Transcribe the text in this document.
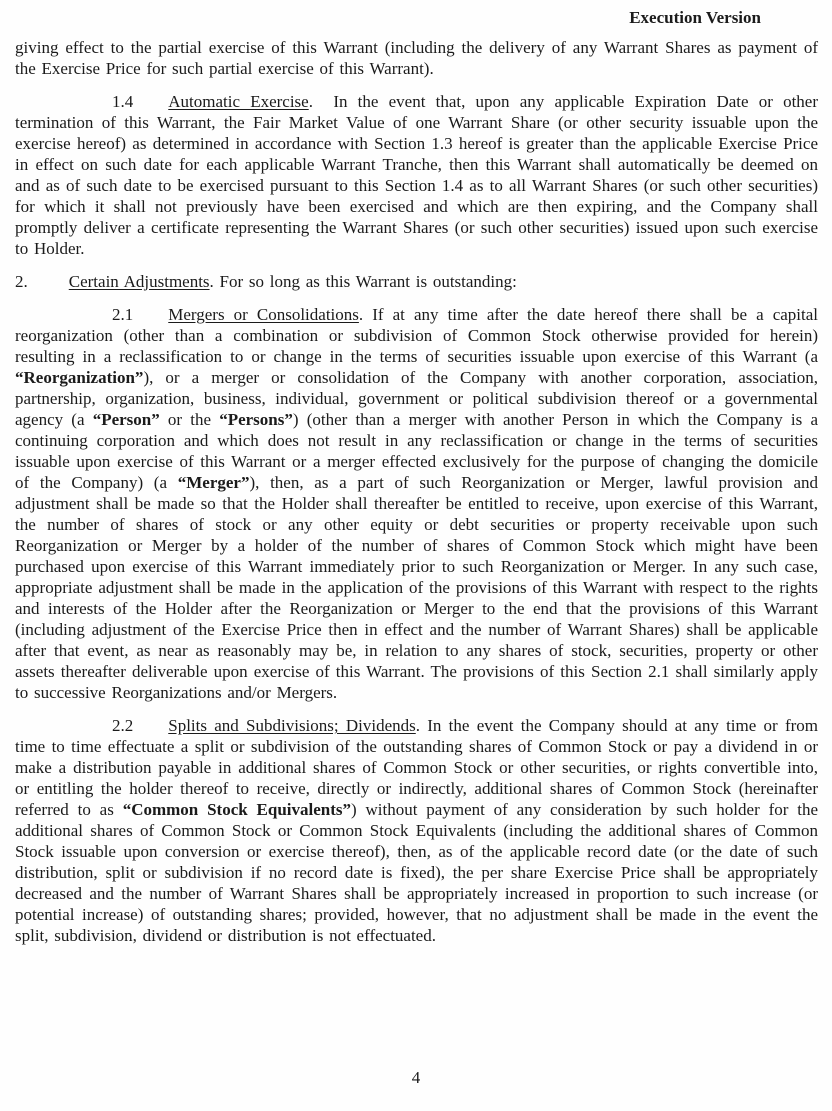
Execution Version

giving effect to the partial exercise of this Warrant (including the delivery of any Warrant Shares as payment of the Exercise Price for such partial exercise of this Warrant).

1.4 Automatic Exercise.  In the event that, upon any applicable Expiration Date or other termination of this Warrant, the Fair Market Value of one Warrant Share (or other security issuable upon the exercise hereof) as determined in accordance with Section 1.3 hereof is greater than the applicable Exercise Price in effect on such date for each applicable Warrant Tranche, then this Warrant shall automatically be deemed on and as of such date to be exercised pursuant to this Section 1.4 as to all Warrant Shares (or such other securities) for which it shall not previously have been exercised and which are then expiring, and the Company shall promptly deliver a certificate representing the Warrant Shares (or such other securities) issued upon such exercise to Holder.

2. Certain Adjustments. For so long as this Warrant is outstanding:

2.1 Mergers or Consolidations. If at any time after the date hereof there shall be a capital reorganization (other than a combination or subdivision of Common Stock otherwise provided for herein) resulting in a reclassification to or change in the terms of securities issuable upon exercise of this Warrant (a “Reorganization”), or a merger or consolidation of the Company with another corporation, association, partnership, organization, business, individual, government or political subdivision thereof or a governmental agency (a “Person” or the “Persons”) (other than a merger with another Person in which the Company is a continuing corporation and which does not result in any reclassification or change in the terms of securities issuable upon exercise of this Warrant or a merger effected exclusively for the purpose of changing the domicile of the Company) (a “Merger”), then, as a part of such Reorganization or Merger, lawful provision and adjustment shall be made so that the Holder shall thereafter be entitled to receive, upon exercise of this Warrant, the number of shares of stock or any other equity or debt securities or property receivable upon such Reorganization or Merger by a holder of the number of shares of Common Stock which might have been purchased upon exercise of this Warrant immediately prior to such Reorganization or Merger. In any such case, appropriate adjustment shall be made in the application of the provisions of this Warrant with respect to the rights and interests of the Holder after the Reorganization or Merger to the end that the provisions of this Warrant (including adjustment of the Exercise Price then in effect and the number of Warrant Shares) shall be applicable after that event, as near as reasonably may be, in relation to any shares of stock, securities, property or other assets thereafter deliverable upon exercise of this Warrant. The provisions of this Section 2.1 shall similarly apply to successive Reorganizations and/or Mergers.

2.2 Splits and Subdivisions; Dividends. In the event the Company should at any time or from time to time effectuate a split or subdivision of the outstanding shares of Common Stock or pay a dividend in or make a distribution payable in additional shares of Common Stock or other securities, or rights convertible into, or entitling the holder thereof to receive, directly or indirectly, additional shares of Common Stock (hereinafter referred to as “Common Stock Equivalents”) without payment of any consideration by such holder for the additional shares of Common Stock or Common Stock Equivalents (including the additional shares of Common Stock issuable upon conversion or exercise thereof), then, as of the applicable record date (or the date of such distribution, split or subdivision if no record date is fixed), the per share Exercise Price shall be appropriately decreased and the number of Warrant Shares shall be appropriately increased in proportion to such increase (or potential increase) of outstanding shares; provided, however, that no adjustment shall be made in the event the split, subdivision, dividend or distribution is not effectuated.

4
